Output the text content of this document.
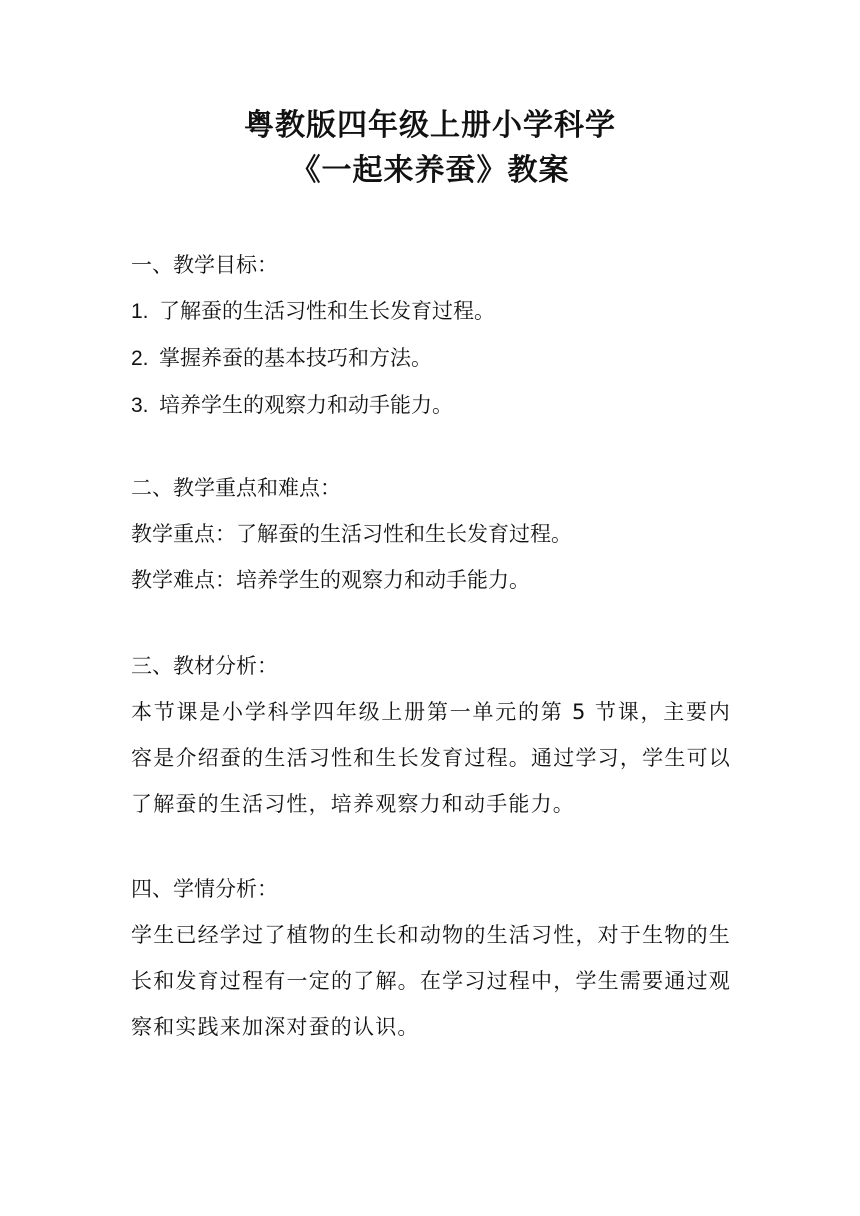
粤教版四年级上册小学科学
《一起来养蚕》教案
一、教学目标：
1. 了解蚕的生活习性和生长发育过程。
2. 掌握养蚕的基本技巧和方法。
3. 培养学生的观察力和动手能力。
二、教学重点和难点：
教学重点：了解蚕的生活习性和生长发育过程。
教学难点：培养学生的观察力和动手能力。
三、教材分析：
本节课是小学科学四年级上册第一单元的第 5 节课，主要内容是介绍蚕的生活习性和生长发育过程。通过学习，学生可以了解蚕的生活习性，培养观察力和动手能力。
四、学情分析：
学生已经学过了植物的生长和动物的生活习性，对于生物的生长和发育过程有一定的了解。在学习过程中，学生需要通过观察和实践来加深对蚕的认识。
